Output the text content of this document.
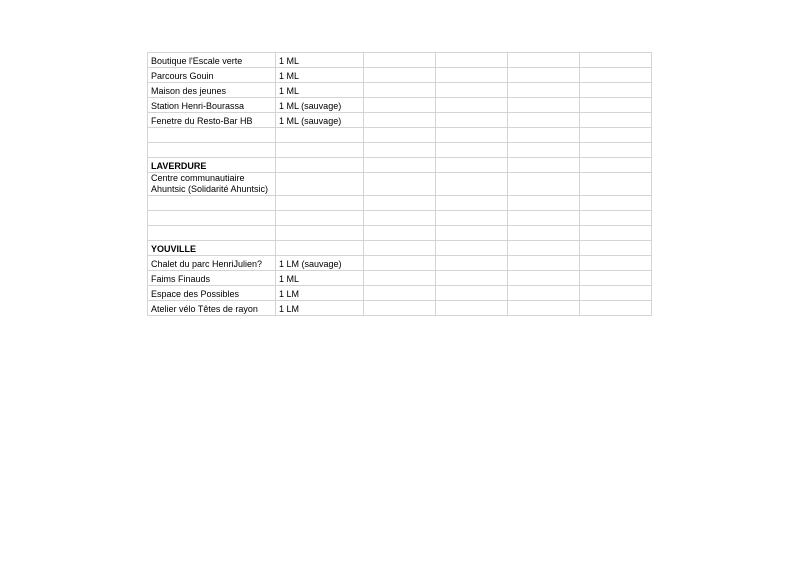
Boutique l'Escale verte	1 ML				
Parcours Gouin	1 ML				
Maison des jeunes	1 ML				
Station Henri-Bourassa	1 ML (sauvage)				
Fenetre du Resto-Bar HB	1 ML (sauvage)				

LAVERDURE					
Centre communautiaire Ahuntsic (Solidarité Ahuntsic)					

YOUVILLE					
Chalet du parc HenriJulien?	1 LM (sauvage)				
Faims Finauds	1 ML				
Espace des Possibles	1 LM				
Atelier vélo Têtes de rayon	1 LM				
